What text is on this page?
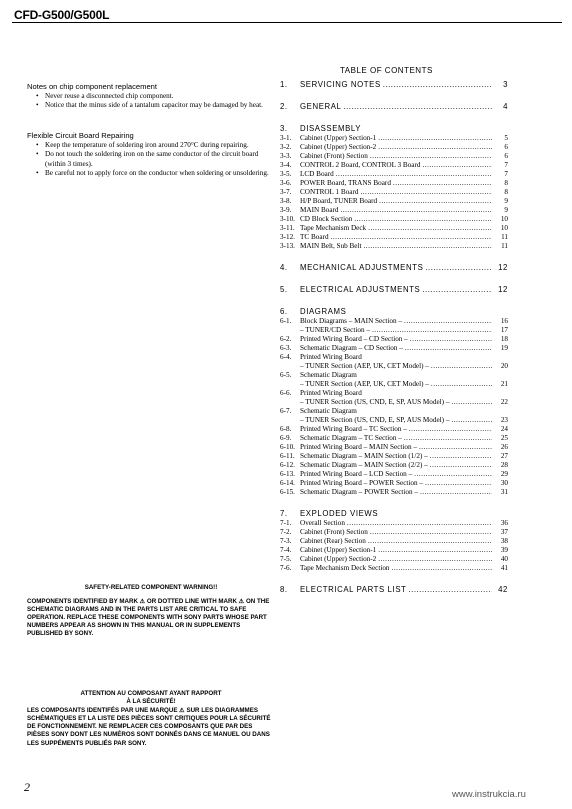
CFD-G500/G500L
Notes on chip component replacement
• Never reuse a disconnected chip component.
• Notice that the minus side of a tantalum capacitor may be damaged by heat.
Flexible Circuit Board Repairing
• Keep the temperature of soldering iron around 270°C during repairing.
• Do not touch the soldering iron on the same conductor of the circuit board (within 3 times).
• Be careful not to apply force on the conductor when soldering or unsoldering.
SAFETY-RELATED COMPONENT WARNING!!
COMPONENTS IDENTIFIED BY MARK ⚠ OR DOTTED LINE WITH MARK ⚠ ON THE SCHEMATIC DIAGRAMS AND IN THE PARTS LIST ARE CRITICAL TO SAFE OPERATION. REPLACE THESE COMPONENTS WITH SONY PARTS WHOSE PART NUMBERS APPEAR AS SHOWN IN THIS MANUAL OR IN SUPPLEMENTS PUBLISHED BY SONY.
ATTENTION AU COMPOSANT AYANT RAPPORT
À LA SÉCURITÉ!
LES COMPOSANTS IDENTIFÉS PAR UNE MARQUE ⚠ SUR LES DIAGRAMMES SCHÉMATIQUES ET LA LISTE DES PIÈCES SONT CRITIQUES POUR LA SÉCURITÉ DE FONCTIONNEMENT. NE REMPLACER CES COMPOSANTS QUE PAR DES PIÈSES SONY DONT LES NUMÉROS SONT DONNÉS DANS CE MANUEL OU DANS LES SUPPÉMENTS PUBLIÉS PAR SONY.
TABLE OF CONTENTS
1.	SERVICING NOTES .....	3
2.	GENERAL .....	4
3.	DISASSEMBLY
3-1.	Cabinet (Upper) Section-1 .....	5
3-2.	Cabinet (Upper) Section-2 .....	6
3-3.	Cabinet (Front) Section .....	6
3-4.	CONTROL 2 Board, CONTROL 3 Board .....	7
3-5.	LCD Board .....	7
3-6.	POWER Board, TRANS Board .....	8
3-7.	CONTROL 1 Board .....	8
3-8.	H/P Board, TUNER Board .....	9
3-9.	MAIN Board .....	9
3-10. CD Block Section .....	10
3-11. Tape Mechanism Deck .....	10
3-12. TC Board .....	11
3-13. MAIN Belt, Sub Belt .....	11
4.	MECHANICAL ADJUSTMENTS .....	12
5.	ELECTRICAL ADJUSTMENTS .....	12
6.	DIAGRAMS
6-1.	Block Diagrams – MAIN Section – .....	16
– TUNER/CD Section – .....	17
6-2.	Printed Wiring Board – CD Section – .....	18
6-3.	Schematic Diagram – CD Section – .....	19
6-4.	Printed Wiring Board
– TUNER Section (AEP, UK, CET Model) – .....	20
6-5.	Schematic Diagram
– TUNER Section (AEP, UK, CET Model) – .....	21
6-6.	Printed Wiring Board
– TUNER Section (US, CND, E, SP, AUS Model) – .....	22
6-7.	Schematic Diagram
– TUNER Section (US, CND, E, SP, AUS Model) – .....	23
6-8.	Printed Wiring Board – TC Section – .....	24
6-9.	Schematic Diagram – TC Section – .....	25
6-10. Printed Wiring Board – MAIN Section – .....	26
6-11. Schematic Diagram – MAIN Section (1/2) – .....	27
6-12. Schematic Diagram – MAIN Section (2/2) – .....	28
6-13. Printed Wiring Board – LCD Section – .....	29
6-14. Printed Wiring Board – POWER Section – .....	30
6-15. Schematic Diagram – POWER Section – .....	31
7.	EXPLODED VIEWS
7-1.	Overall Section .....	36
7-2.	Cabinet (Front) Section .....	37
7-3.	Cabinet (Rear) Section .....	38
7-4.	Cabinet (Upper) Section-1 .....	39
7-5.	Cabinet (Upper) Section-2 .....	40
7-6.	Tape Mechanism Deck Section .....	41
8.	ELECTRICAL PARTS LIST .....	42
2
www.instrukcia.ru
